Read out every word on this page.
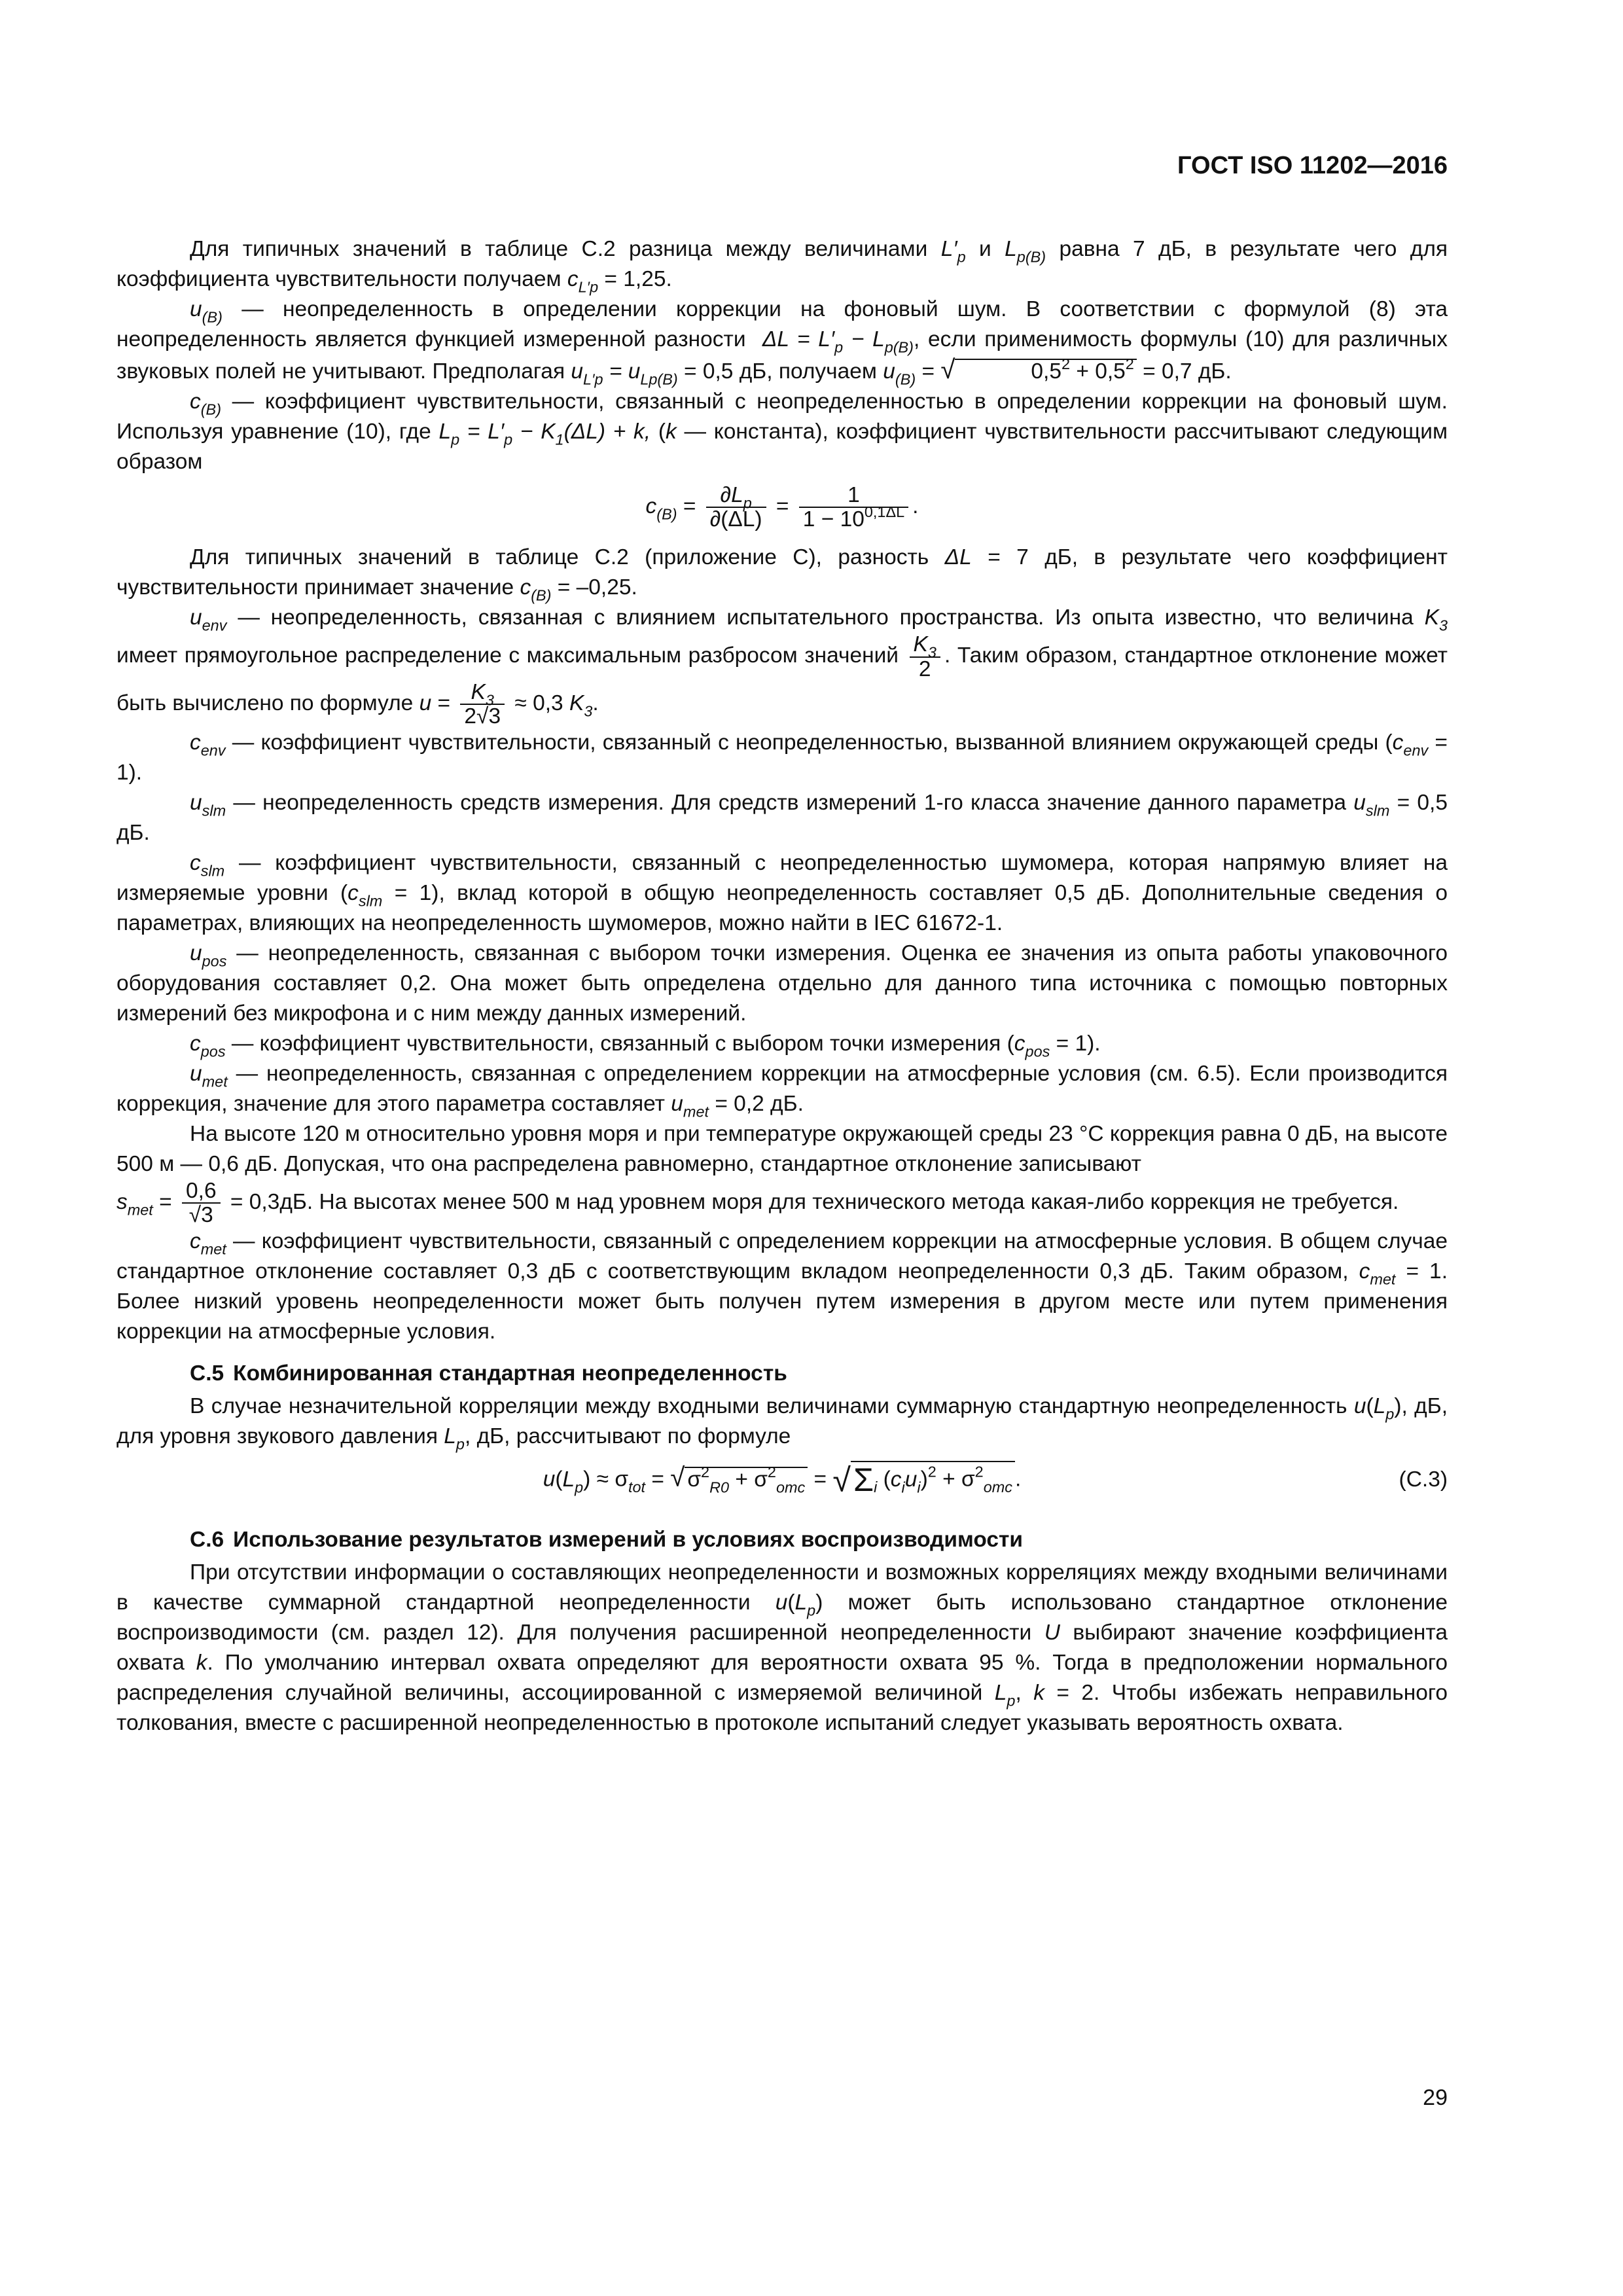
ГОСТ ISO 11202—2016

Для типичных значений в таблице С.2 разница между величинами $L'_p$ и $L_{p(B)}$ равна 7 дБ, в результате чего для коэффициента чувствительности получаем $c_{L'p} = 1,25$.

$u_{(B)}$ — неопределенность в определении коррекции на фоновый шум. В соответствии с формулой (8) эта неопределенность является функцией измеренной разности  $\Delta L = L'_p - L_{p(B)}$, если применимость формулы (10) для различных звуковых полей не учитывают. Предполагая $u_{L'p} = u_{Lp(B)} = 0,5$ дБ, получаем $u_{(B)}$ = √	$0,5^2 + 0,5^2 = 0,7$ дБ.

$c_{(B)}$ — коэффициент чувствительности, связанный с неопределенностью в определении коррекции на фоновый шум. Используя уравнение (10), где $L_p = L'_p - K_1(\Delta L) + k$, (k — константа), коэффициент чувствительности рассчитывают следующим образом

$c_{(B)} = \frac{\partial L_p}{\partial(\Delta L)} = \frac{1}{1 - 10^{0,1\Delta L}}$ .

Для типичных значений в таблице С.2 (приложение С), разность ΔL = 7 дБ, в результате чего коэффициент чувствительности принимает значение $c_{(B)} = -0,25$.

$u_{env}$ — неопределенность, связанная с влиянием испытательного пространства. Из опыта известно, что величина $K_3$ имеет прямоугольное распределение с максимальным разбросом значений $\frac{K_3}{2}$ . Таким образом, стандартное отклонение может быть вычислено по формуле $u = \frac{K_3}{2√3} \approx 0,3$ $K_3$.

$c_{env}$ — коэффициент чувствительности, связанный с неопределенностью, вызванной влиянием окружающей среды $(c_{env} = 1)$.

$u_{slm}$ — неопределенность средств измерения. Для средств измерений 1-го класса значение данного параметра $u_{slm} = 0,5$ дБ.

$c_{slm}$ — коэффициент чувствительности, связанный с неопределенностью шумомера, которая напрямую влияет на измеряемые уровни $(c_{slm} = 1)$, вклад которой в общую неопределенность составляет 0,5 дБ. Дополнительные сведения о параметрах, влияющих на неопределенность шумомеров, можно найти в IEC 61672-1.

$u_{pos}$ — неопределенность, связанная с выбором точки измерения. Оценка ее значения из опыта работы упаковочного оборудования составляет 0,2. Она может быть определена отдельно для данного типа источника с помощью повторных измерений без микрофона и с ним между данных измерений.

$c_{pos}$ — коэффициент чувствительности, связанный с выбором точки измерения $(c_{pos} = 1)$.

$u_{met}$ — неопределенность, связанная с определением коррекции на атмосферные условия (см. 6.5). Если производится коррекция, значение для этого параметра составляет $u_{met} = 0,2$ дБ.

На высоте 120 м относительно уровня моря и при температуре окружающей среды 23 °С коррекция равна 0 дБ, на высоте 500 м — 0,6 дБ. Допуская, что она распределена равномерно, стандартное отклонение записывают
$s_{met} = \frac{0,6}{√3} = 0,3дБ$. На высотах менее 500 м над уровнем моря для технического метода какая-либо коррекция не требуется.

$c_{met}$ — коэффициент чувствительности, связанный с определением коррекции на атмосферные условия. В общем случае стандартное отклонение составляет 0,3 дБ с соответствующим вкладом неопределенности 0,3 дБ. Таким образом, $c_{met} = 1$. Более низкий уровень неопределенности может быть получен путем измерения в другом месте или путем применения коррекции на атмосферные условия.

С.5 Комбинированная стандартная неопределенность

В случае незначительной корреляции между входными величинами суммарную стандартную неопределенность $u(L_p)$, дБ, для уровня звукового давления $L_p$, дБ, рассчитывают по формуле

$u(L_p) \approx \sigma_{tot}$ = √ $\sigma^2_{R0} + \sigma^2_{omc} = √\Sigma_i$ $(c_iu_i)^2 + \sigma^2_{omc}$ .	(С.3)

С.6 Использование результатов измерений в условиях воспроизводимости

При отсутствии информации о составляющих неопределенности и возможных корреляциях между входными величинами в качестве суммарной стандартной неопределенности $u(L_p)$ может быть использовано стандартное отклонение воспроизводимости (см. раздел 12). Для получения расширенной неопределенности U выбирают значение коэффициента охвата k. По умолчанию интервал охвата определяют для вероятности охвата 95 %. Тогда в предположении нормального распределения случайной величины, ассоциированной с измеряемой величиной $L_p$, k = 2. Чтобы избежать неправильного толкования, вместе с расширенной неопределенностью в протоколе испытаний следует указывать вероятность охвата.

29
